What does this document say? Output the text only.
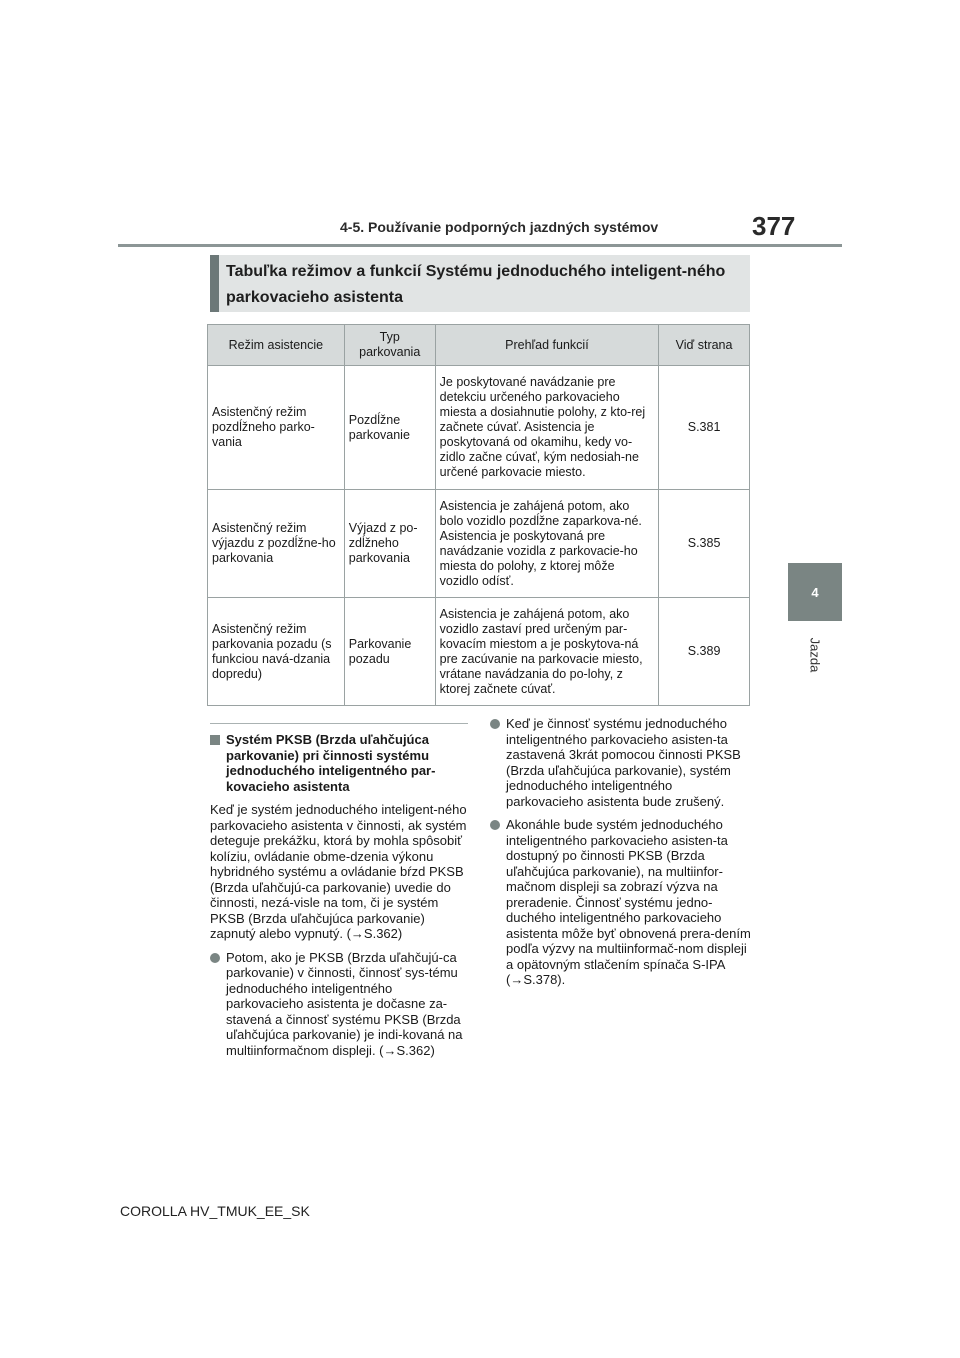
4-5. Používanie podporných jazdných systémov	377
4
Jazda
Tabuľka režimov a funkcií Systému jednoduchého inteligent-ného parkovacieho asistenta
Režim asistencie	Typ parkovania	Prehľad funkcií	Viď strana
Asistenčný režim pozdĺžneho parko-vania	Pozdĺžne parkovanie	Je poskytované navádzanie pre detekciu určeného parkovacieho miesta a dosiahnutie polohy, z kto-rej začnete cúvať. Asistencia je poskytovaná od okamihu, kedy vo-zidlo začne cúvať, kým nedosiah-ne určené parkovacie miesto.	S.381
Asistenčný režim výjazdu z pozdĺžne-ho parkovania	Výjazd z po-zdĺžneho parkovania	Asistencia je zahájená potom, ako bolo vozidlo pozdĺžne zaparkova-né. Asistencia je poskytovaná pre navádzanie vozidla z parkovacie-ho miesta do polohy, z ktorej môže vozidlo odísť.	S.385
Asistenčný režim parkovania pozadu (s funkciou navá-dzania dopredu)	Parkovanie pozadu	Asistencia je zahájená potom, ako vozidlo zastaví pred určeným par-kovacím miestom a je poskytova-ná pre zacúvanie na parkovacie miesto, vrátane navádzania do po-lohy, z ktorej začnete cúvať.	S.389
Systém PKSB (Brzda uľahčujúca parkovanie) pri činnosti systému jednoduchého inteligentného par-kovacieho asistenta

Keď je systém jednoduchého inteligent-ného parkovacieho asistenta v činnosti, ak systém deteguje prekážku, ktorá by mohla spôsobiť kolíziu, ovládanie obme-dzenia výkonu hybridného systému a ovládanie bŕzd PKSB (Brzda uľahčujú-ca parkovanie) uvedie do činnosti, nezá-visle na tom, či je systém PKSB (Brzda uľahčujúca parkovanie) zapnutý alebo vypnutý. (→S.362)

Potom, ako je PKSB (Brzda uľahčujú-ca parkovanie) v činnosti, činnosť sys-tému jednoduchého inteligentného parkovacieho asistenta je dočasne za-stavená a činnosť systému PKSB (Brzda uľahčujúca parkovanie) je indi-kovaná na multiinformačnom displeji. (→S.362)
Keď je činnosť systému jednoduchého inteligentného parkovacieho asisten-ta zastavená 3krát pomocou činnosti PKSB (Brzda uľahčujúca parkovanie), systém jednoduchého inteligentného parkovacieho asistenta bude zrušený.
Akonáhle bude systém jednoduchého inteligentného parkovacieho asisten-ta dostupný po činnosti PKSB (Brzda uľahčujúca parkovanie), na multiinfor-mačnom displeji sa zobrazí výzva na preradenie. Činnosť systému jedno-duchého inteligentného parkovacieho asistenta môže byť obnovená prera-dením podľa výzvy na multiinformač-nom displeji a opätovným stlačením spínača S-IPA (→S.378).
COROLLA HV_TMUK_EE_SK
